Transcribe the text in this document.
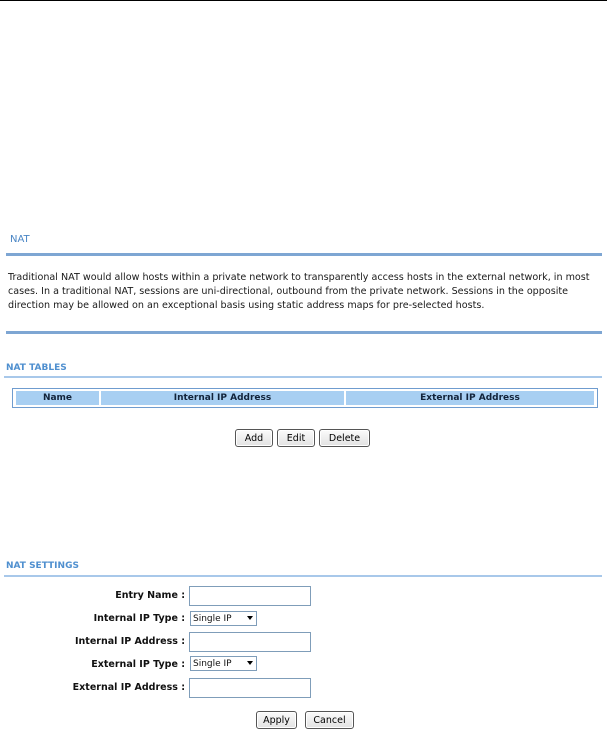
NAT
Traditional NAT would allow hosts within a private network to transparently access hosts in the external network, in most cases. In a traditional NAT, sessions are uni-directional, outbound from the private network. Sessions in the opposite direction may be allowed on an exceptional basis using static address maps for pre-selected hosts.
NAT TABLES
Name	Internal IP Address	External IP Address
Add	Edit	Delete
NAT SETTINGS
Entry Name :
Internal IP Type : Single IP
Internal IP Address :
External IP Type : Single IP
External IP Address :
Apply	Cancel
